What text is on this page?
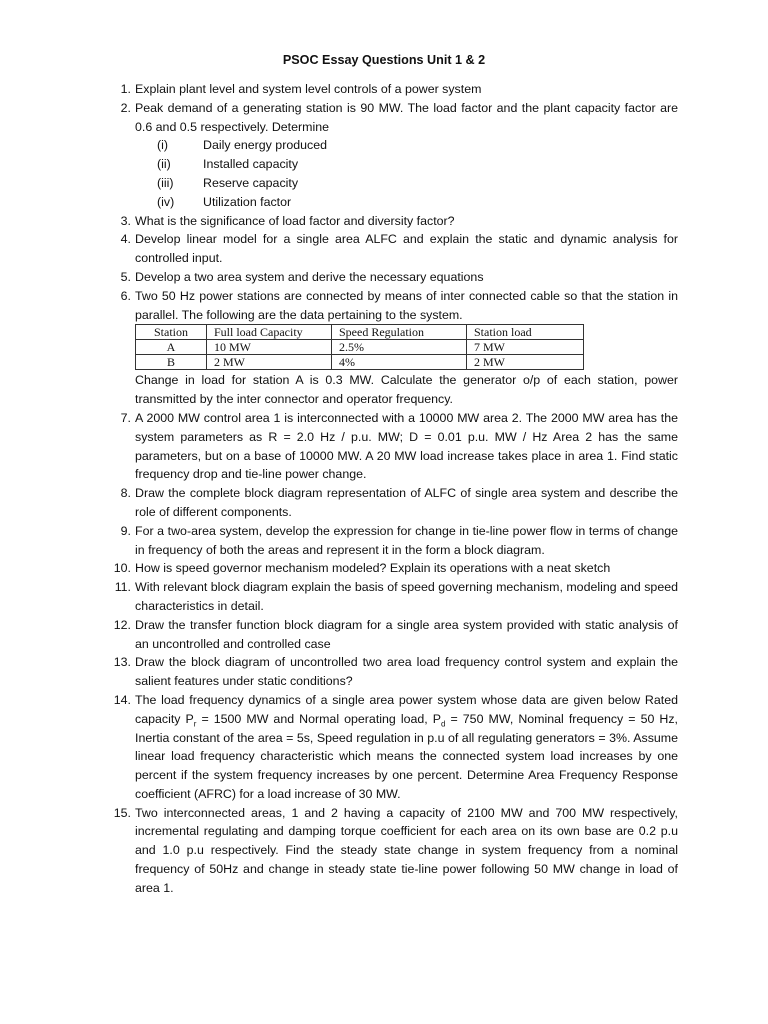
PSOC Essay Questions Unit 1 & 2
1. Explain plant level and system level controls of a power system
2. Peak demand of a generating station is 90 MW. The load factor and the plant capacity factor are 0.6 and 0.5 respectively. Determine
(i)	Daily energy produced
(ii)	Installed capacity
(iii) Reserve capacity
(iv) Utilization factor
3. What is the significance of load factor and diversity factor?
4. Develop linear model for a single area ALFC and explain the static and dynamic analysis for controlled input.
5. Develop a two area system and derive the necessary equations
6. Two 50 Hz power stations are connected by means of inter connected cable so that the station in parallel. The following are the data pertaining to the system.
Station	Full load Capacity	Speed Regulation	Station load
A	10 MW	2.5%	7 MW
B	2 MW	4%	2 MW
Change in load for station A is 0.3 MW. Calculate the generator o/p of each station, power transmitted by the inter connector and operator frequency.
7. A 2000 MW control area 1 is interconnected with a 10000 MW area 2. The 2000 MW area has the system parameters as R = 2.0 Hz / p.u. MW; D = 0.01 p.u. MW / Hz Area 2 has the same parameters, but on a base of 10000 MW. A 20 MW load increase takes place in area 1. Find static frequency drop and tie-line power change.
8. Draw the complete block diagram representation of ALFC of single area system and describe the role of different components.
9. For a two-area system, develop the expression for change in tie-line power flow in terms of change in frequency of both the areas and represent it in the form a block diagram.
10. How is speed governor mechanism modeled? Explain its operations with a neat sketch
11. With relevant block diagram explain the basis of speed governing mechanism, modeling and speed characteristics in detail.
12. Draw the transfer function block diagram for a single area system provided with static analysis of an uncontrolled and controlled case
13. Draw the block diagram of uncontrolled two area load frequency control system and explain the salient features under static conditions?
14. The load frequency dynamics of a single area power system whose data are given below Rated capacity $P_r = 1500$ MW and Normal operating load, $P_d = 750$ MW, Nominal frequency = 50 Hz, Inertia constant of the area = 5s, Speed regulation in p.u of all regulating generators = 3%. Assume linear load frequency characteristic which means the connected system load increases by one percent if the system frequency increases by one percent. Determine Area Frequency Response coefficient (AFRC) for a load increase of 30 MW.
15. Two interconnected areas, 1 and 2 having a capacity of 2100 MW and 700 MW respectively, incremental regulating and damping torque coefficient for each area on its own base are 0.2 p.u and 1.0 p.u respectively. Find the steady state change in system frequency from a nominal frequency of 50Hz and change in steady state tie-line power following 50 MW change in load of area 1.
